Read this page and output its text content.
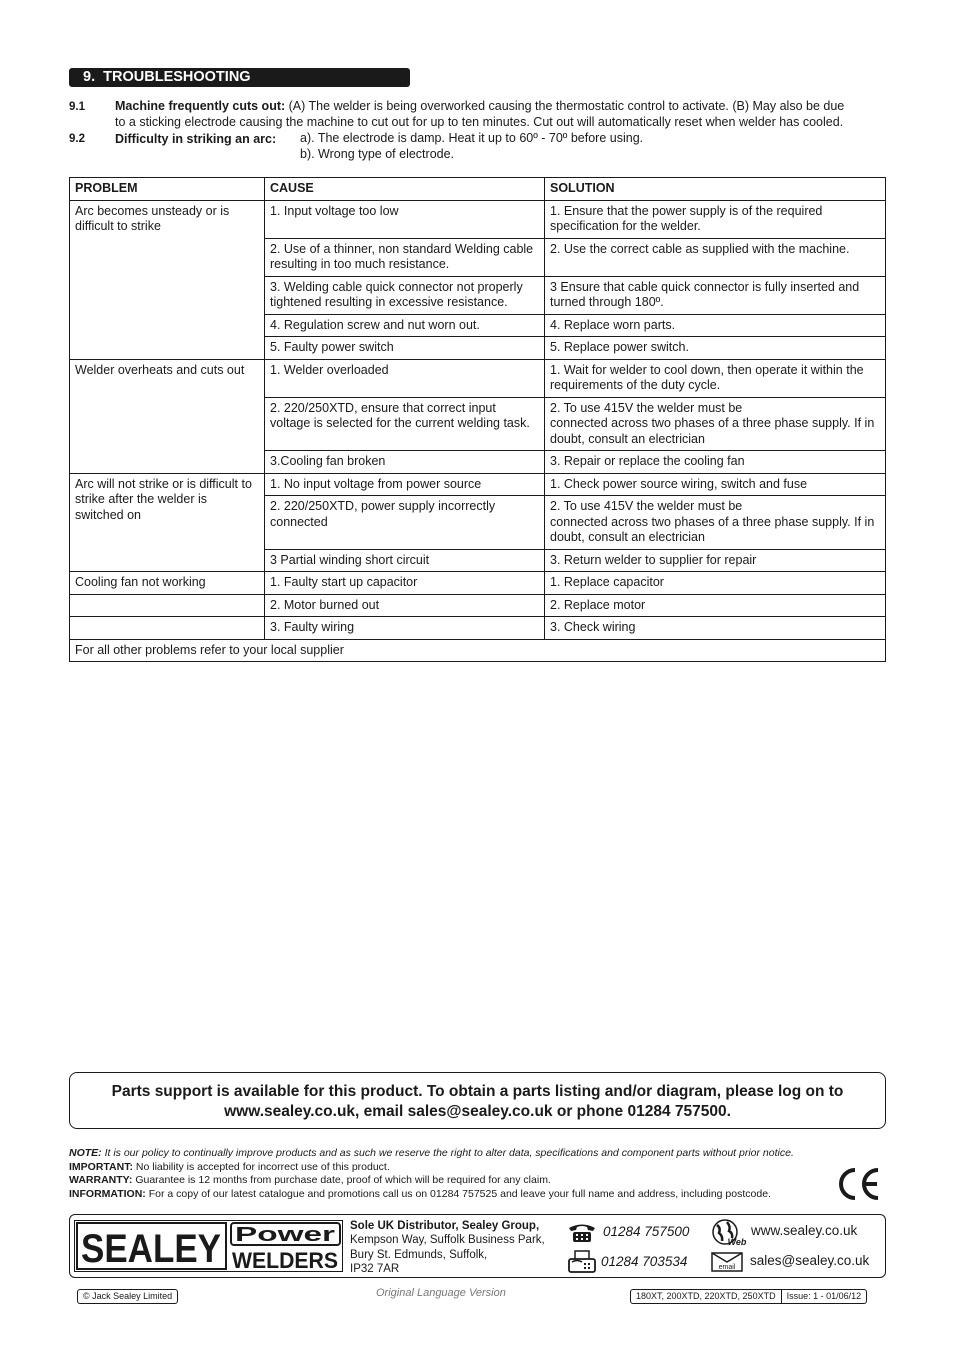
9. TROUBLESHOOTING
9.1 Machine frequently cuts out: (A) The welder is being overworked causing the thermostatic control to activate. (B) May also be due
to a sticking electrode causing the machine to cut out for up to ten minutes. Cut out will automatically reset when welder has cooled.
9.2 Difficulty in striking an arc: a). The electrode is damp. Heat it up to 60º - 70º before using.
b). Wrong type of electrode.
PROBLEM	CAUSE	SOLUTION
Arc becomes unsteady or is difficult to strike	1. Input voltage too low	1. Ensure that the power supply is of the required specification for the welder.
	2. Use of a thinner, non standard Welding cable resulting in too much resistance.	2. Use the correct cable as supplied with the machine.
	3. Welding cable quick connector not properly tightened resulting in excessive resistance.	3 Ensure that cable quick connector is fully inserted and turned through 180º.
	4. Regulation screw and nut worn out.	4. Replace worn parts.
	5. Faulty power switch	5. Replace power switch.
Welder overheats and cuts out	1. Welder overloaded	1. Wait for welder to cool down, then operate it within the requirements of the duty cycle.
	2. 220/250XTD, ensure that correct input voltage is selected for the current welding task.	2. To use 415V the welder must be
connected across two phases of a three phase supply. If in doubt, consult an electrician
	3.Cooling fan broken	3. Repair or replace the cooling fan
Arc will not strike or is difficult to strike after the welder is switched on	1. No input voltage from power source	1. Check power source wiring, switch and fuse
	2. 220/250XTD, power supply incorrectly connected	2. To use 415V the welder must be
connected across two phases of a three phase supply. If in doubt, consult an electrician
	3 Partial winding short circuit	3. Return welder to supplier for repair
Cooling fan not working	1. Faulty start up capacitor	1. Replace capacitor
	2. Motor burned out	2. Replace motor
	3. Faulty wiring	3. Check wiring
For all other problems refer to your local supplier		
Parts support is available for this product. To obtain a parts listing and/or diagram, please log on to
www.sealey.co.uk, email sales@sealey.co.uk or phone 01284 757500.
NOTE: It is our policy to continually improve products and as such we reserve the right to alter data, specifications and component parts without prior notice.
IMPORTANT: No liability is accepted for incorrect use of this product.
WARRANTY: Guarantee is 12 months from purchase date, proof of which will be required for any claim.
INFORMATION: For a copy of our latest catalogue and promotions call us on 01284 757525 and leave your full name and address, including postcode.
SEALEY Power
WELDERS
Sole UK Distributor, Sealey Group,
Kempson Way, Suffolk Business Park,
Bury St. Edmunds, Suffolk,
IP32 7AR
01284 757500
01284 703534
Web
www.sealey.co.uk
email sales@sealey.co.uk
© Jack Sealey Limited	Original Language Version	180XT, 200XTD, 220XTD, 250XTD	Issue: 1 - 01/06/12
